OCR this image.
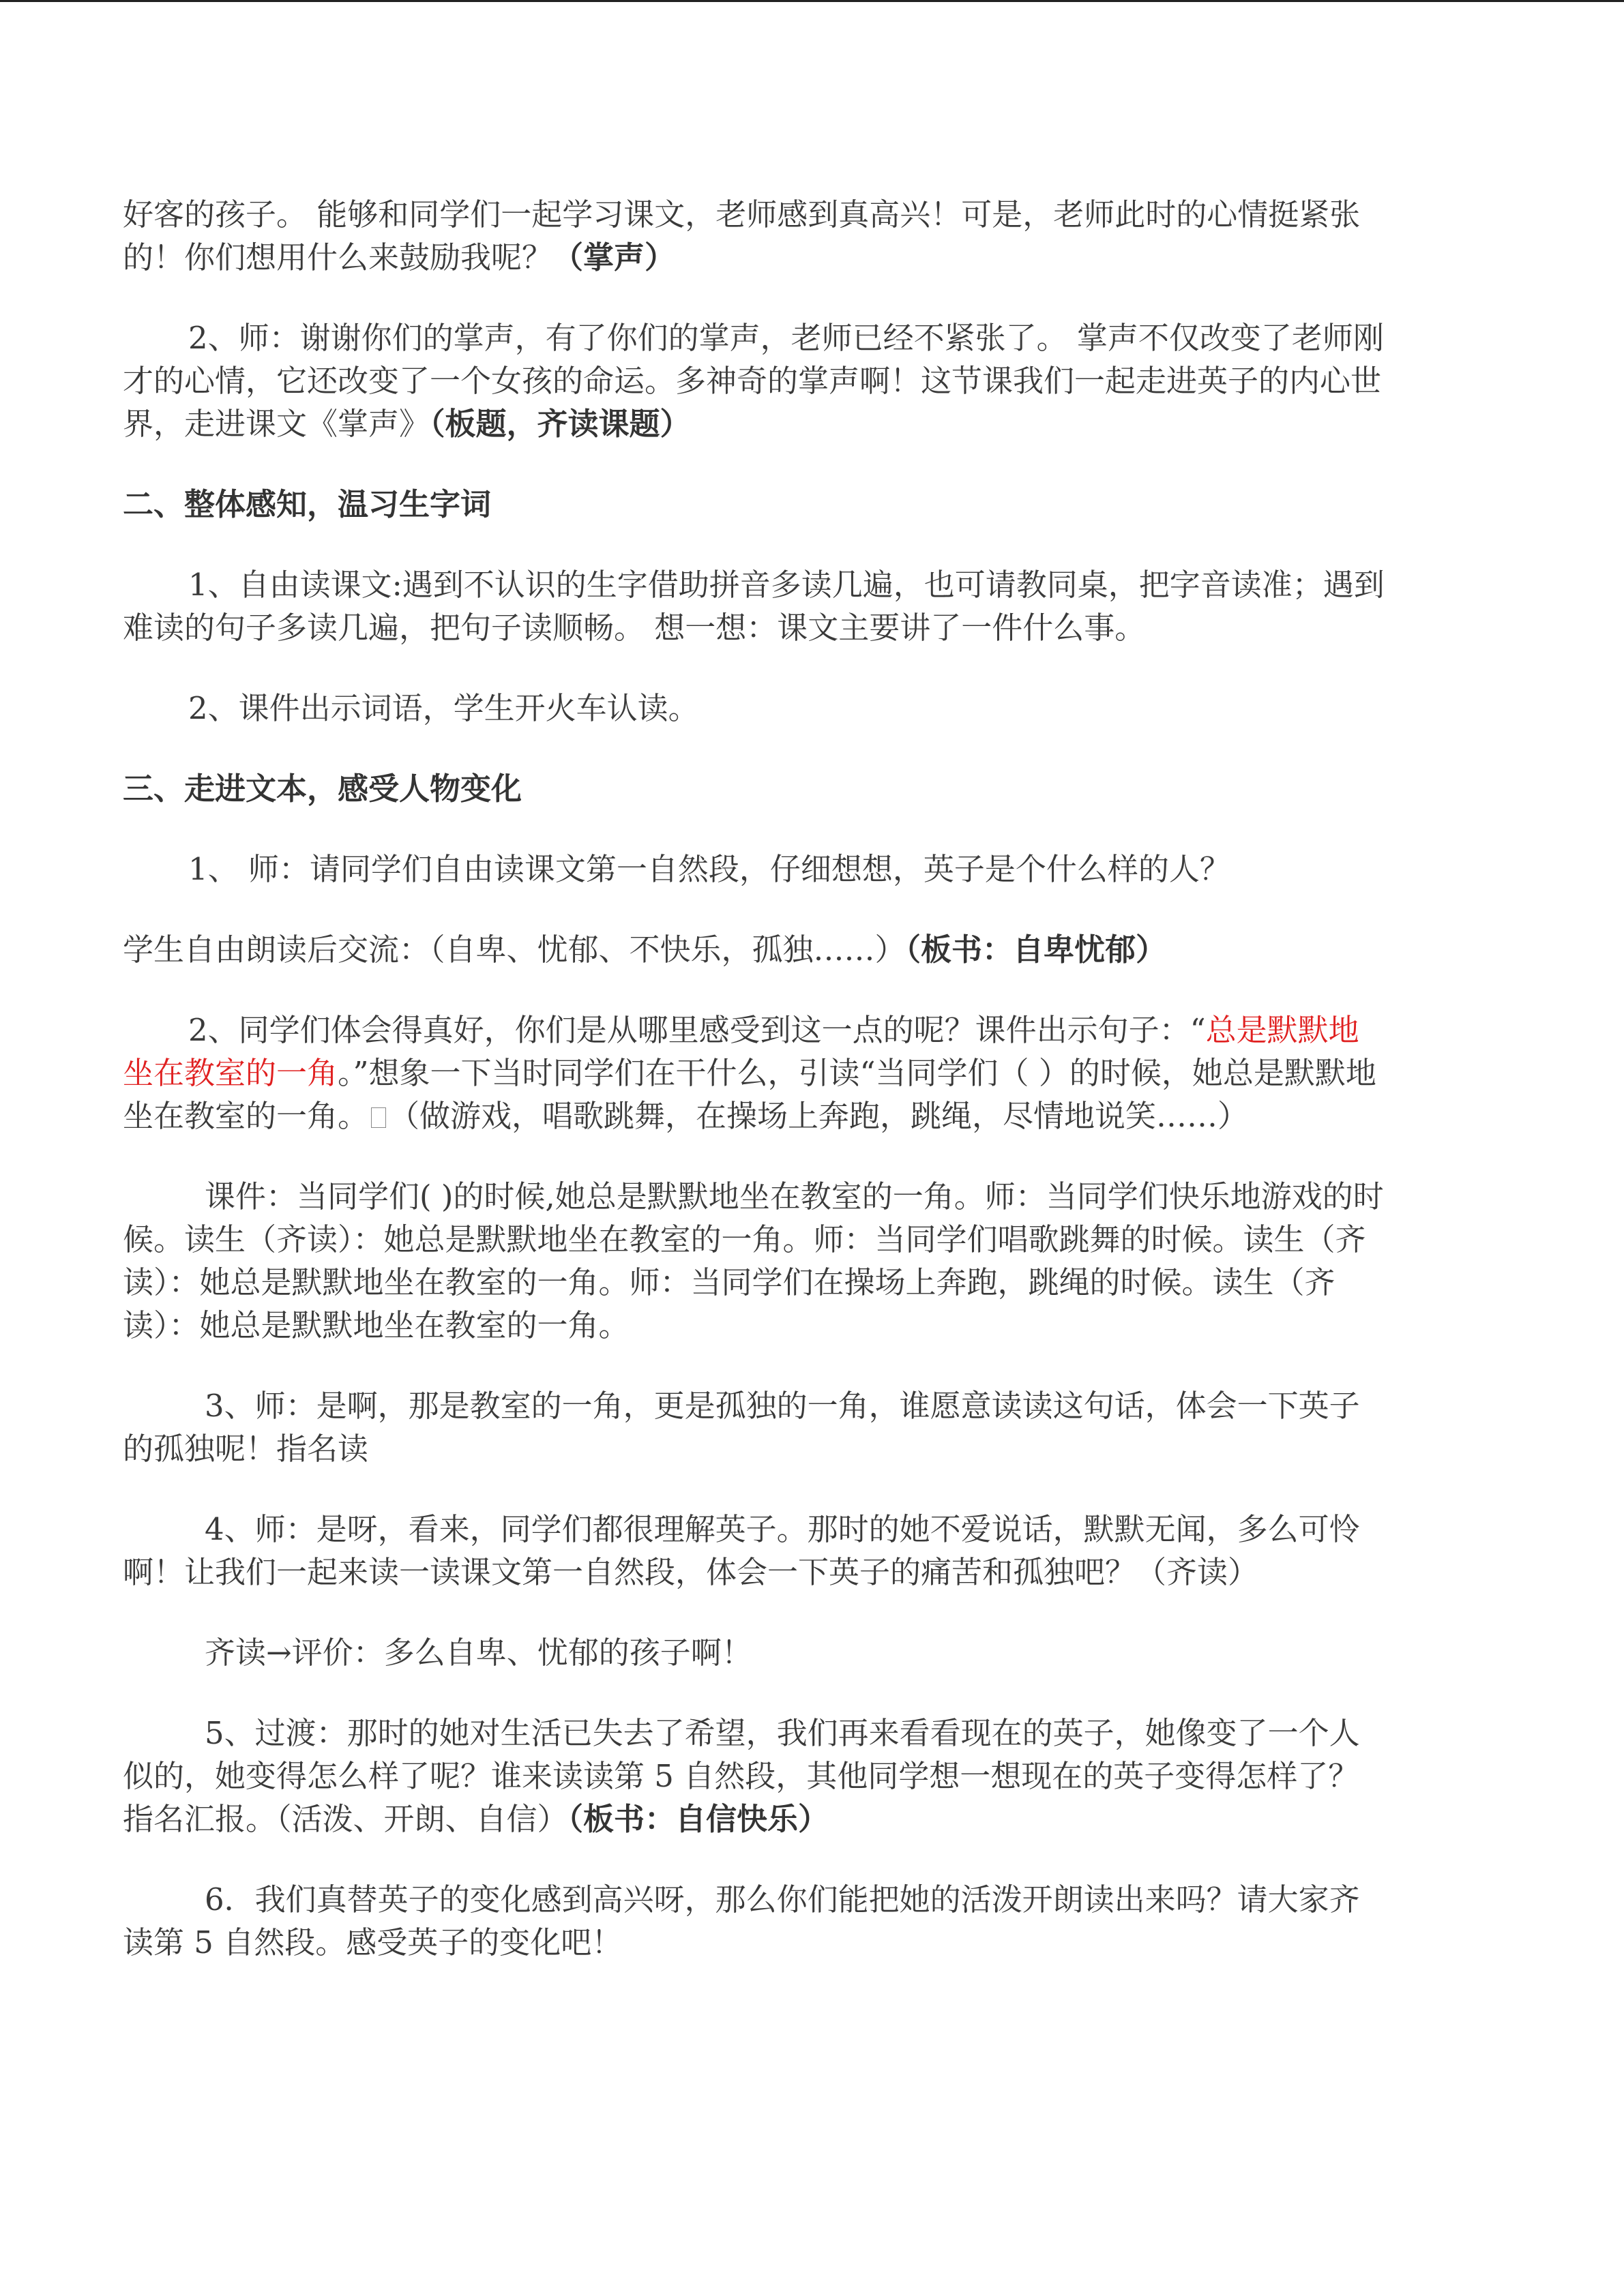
好客的孩子。 能够和同学们一起学习课文，老师感到真高兴！可是，老师此时的心情挺紧张的！你们想用什么来鼓励我呢？（掌声）

2、师：谢谢你们的掌声，有了你们的掌声，老师已经不紧张了。 掌声不仅改变了老师刚才的心情，它还改变了一个女孩的命运。多神奇的掌声啊！这节课我们一起走进英子的内心世界，走进课文《掌声》（板题，齐读课题）

二、整体感知，温习生字词

1、自由读课文:遇到不认识的生字借助拼音多读几遍，也可请教同桌，把字音读准；遇到难读的句子多读几遍，把句子读顺畅。 想一想：课文主要讲了一件什么事。

2、课件出示词语，学生开火车认读。

三、走进文本，感受人物变化

1、 师：请同学们自由读课文第一自然段，仔细想想，英子是个什么样的人？

学生自由朗读后交流：（自卑、忧郁、不快乐，孤独……）（板书：自卑忧郁）

2、同学们体会得真好，你们是从哪里感受到这一点的呢？课件出示句子：“总是默默地坐在教室的一角。”想象一下当时同学们在干什么，引读“当同学们（ ）的时候，她总是默默地坐在教室的一角。 （做游戏，唱歌跳舞，在操场上奔跑，跳绳，尽情地说笑……）

课件：当同学们( )的时候,她总是默默地坐在教室的一角。师：当同学们快乐地游戏的时候。读生（齐读）：她总是默默地坐在教室的一角。师：当同学们唱歌跳舞的时候。读生（齐读）：她总是默默地坐在教室的一角。师：当同学们在操场上奔跑，跳绳的时候。读生（齐读）：她总是默默地坐在教室的一角。

3、师：是啊，那是教室的一角，更是孤独的一角，谁愿意读读这句话，体会一下英子的孤独呢！指名读

4、师：是呀，看来，同学们都很理解英子。那时的她不爱说话，默默无闻，多么可怜啊！让我们一起来读一读课文第一自然段，体会一下英子的痛苦和孤独吧？（齐读）

齐读→评价：多么自卑、忧郁的孩子啊！

5、过渡：那时的她对生活已失去了希望，我们再来看看现在的英子，她像变了一个人似的，她变得怎么样了呢？谁来读读第 5 自然段，其他同学想一想现在的英子变得怎样了？指名汇报。（活泼、开朗、自信）（板书：自信快乐）

6．我们真替英子的变化感到高兴呀，那么你们能把她的活泼开朗读出来吗？请大家齐读第 5 自然段。感受英子的变化吧！
